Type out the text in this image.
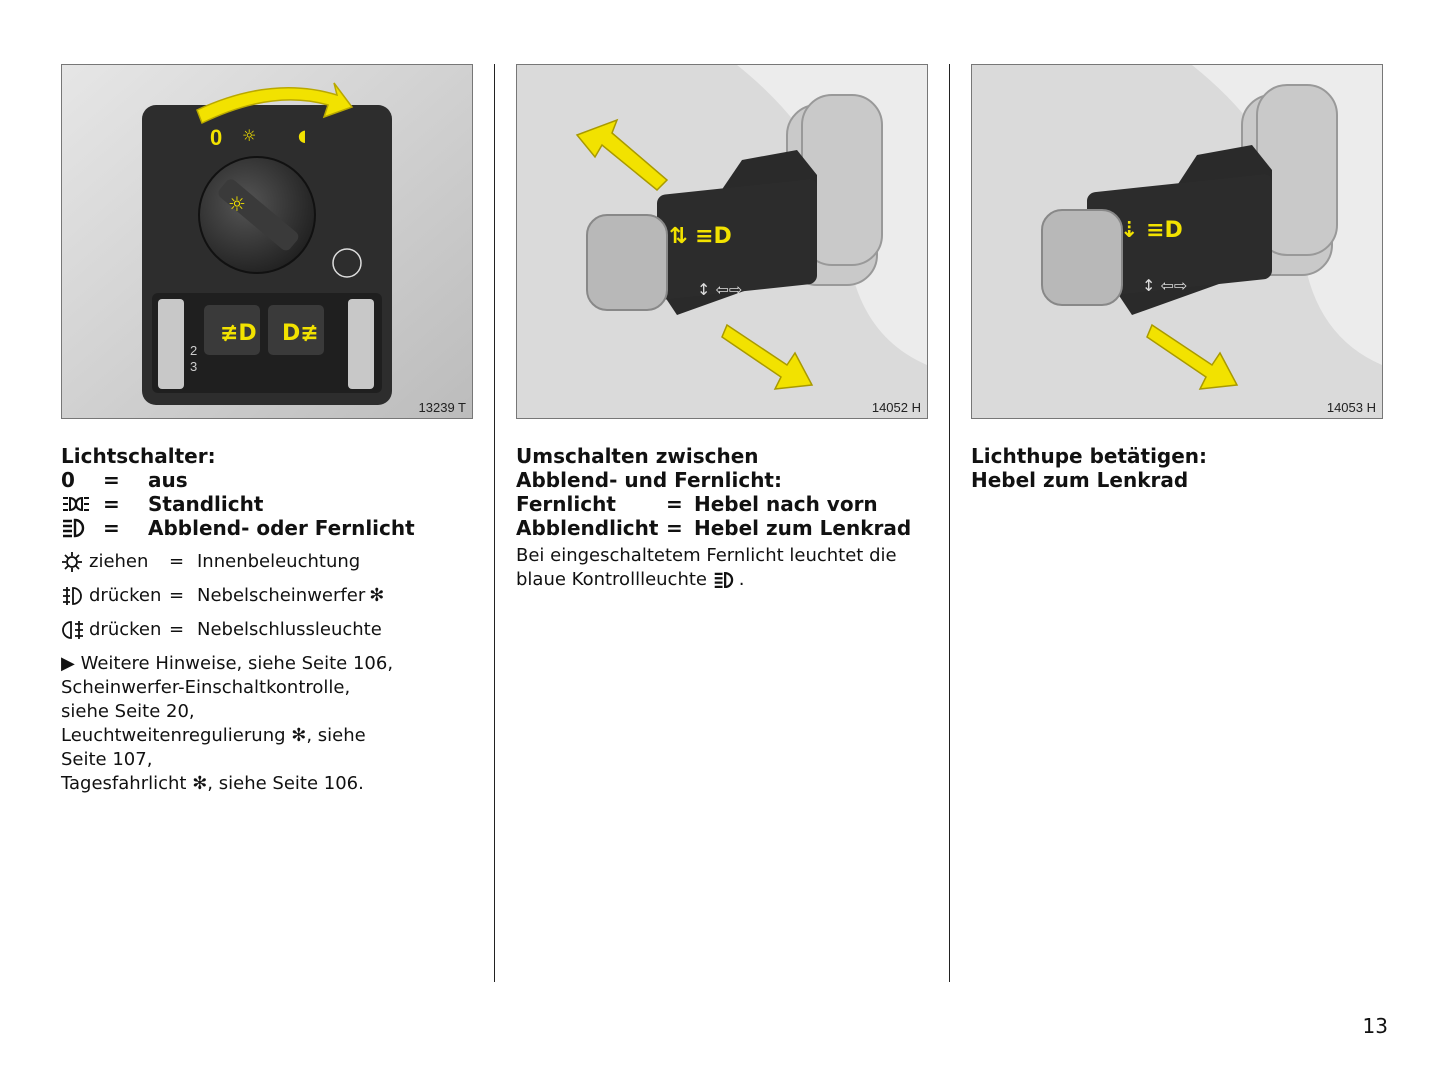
0 ☼	◖
☼
≢D D≢
2
3
13239 T
Lichtschalter:
0	=	aus
=	Standlicht
=	Abblend- oder Fernlicht
ziehen	= Innenbeleuchtung
drücken = Nebelscheinwerfer ✻
drücken = Nebelschlussleuchte
▶ Weitere Hinweise, siehe Seite 106,
Scheinwerfer-Einschaltkontrolle,
siehe Seite 20,
Leuchtweitenregulierung ✻, siehe
Seite 107,
Tagesfahrlicht ✻, siehe Seite 106.
⇅ ≡D
↕ ⇦⇨
14052 H
Umschalten zwischen
Abblend- und Fernlicht:
Fernlicht	= Hebel nach vorn
Abblendlicht = Hebel zum Lenkrad
Bei eingeschaltetem Fernlicht leuchtet die
blaue Kontrollleuchte .
⇣ ≡D
↕ ⇦⇨
14053 H
Lichthupe betätigen:
Hebel zum Lenkrad
13
